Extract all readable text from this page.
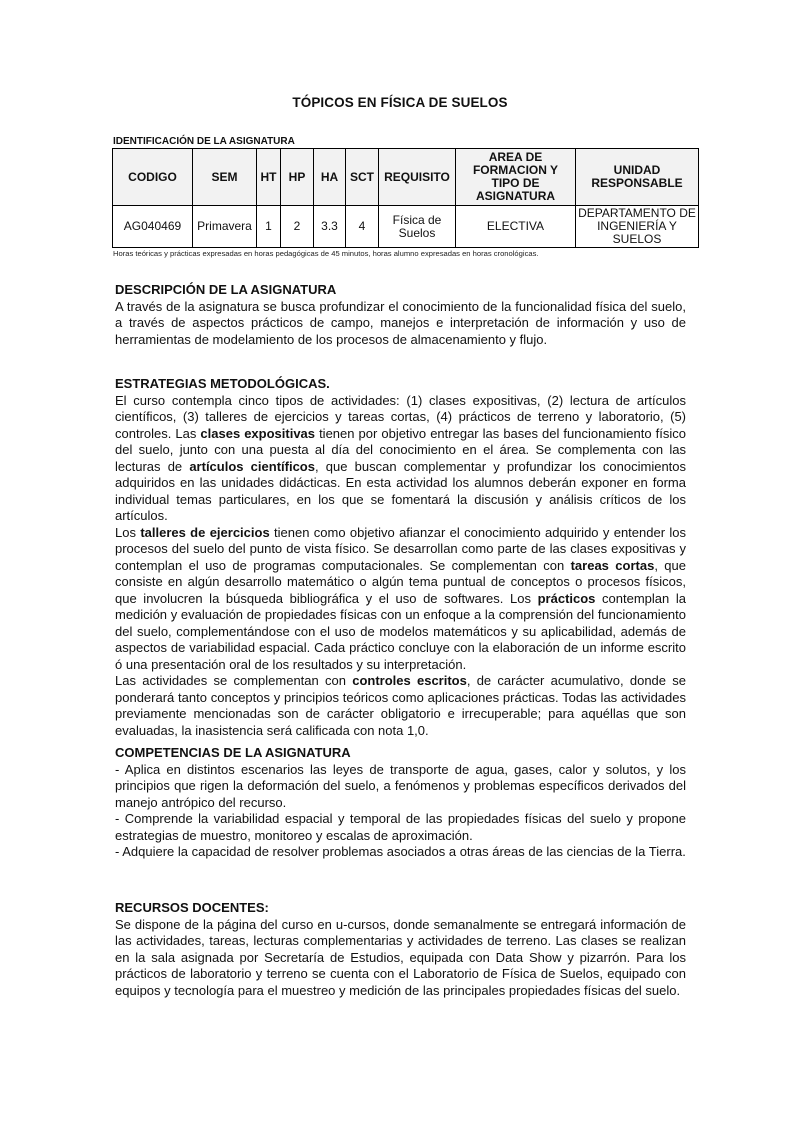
TÓPICOS EN FÍSICA DE SUELOS
IDENTIFICACIÓN DE LA ASIGNATURA
CODIGO	SEM	HT	HP	HA	SCT	REQUISITO	AREA DE FORMACION Y TIPO DE ASIGNATURA	UNIDAD RESPONSABLE
AG040469	Primavera	1	2	3.3	4	Física de Suelos	ELECTIVA	DEPARTAMENTO DE INGENIERÍA Y SUELOS
Horas teóricas y prácticas expresadas en horas pedagógicas de 45 minutos, horas alumno expresadas en horas cronológicas.
DESCRIPCIÓN DE LA ASIGNATURA

A través de la asignatura se busca profundizar el conocimiento de la funcionalidad física del suelo, a través de aspectos prácticos de campo, manejos e interpretación de información y uso de herramientas de modelamiento de los procesos de almacenamiento y flujo.

ESTRATEGIAS METODOLÓGICAS.

El curso contempla cinco tipos de actividades: (1) clases expositivas, (2) lectura de artículos científicos, (3) talleres de ejercicios y tareas cortas, (4) prácticos de terreno y laboratorio, (5) controles. Las clases expositivas tienen por objetivo entregar las bases del funcionamiento físico del suelo, junto con una puesta al día del conocimiento en el área. Se complementa con las lecturas de artículos científicos, que buscan complementar y profundizar los conocimientos adquiridos en las unidades didácticas. En esta actividad los alumnos deberán exponer en forma individual temas particulares, en los que se fomentará la discusión y análisis críticos de los artículos.

Los talleres de ejercicios tienen como objetivo afianzar el conocimiento adquirido y entender los procesos del suelo del punto de vista físico. Se desarrollan como parte de las clases expositivas y contemplan el uso de programas computacionales. Se complementan con tareas cortas, que consiste en algún desarrollo matemático o algún tema puntual de conceptos o procesos físicos, que involucren la búsqueda bibliográfica y el uso de softwares. Los prácticos contemplan la medición y evaluación de propiedades físicas con un enfoque a la comprensión del funcionamiento del suelo, complementándose con el uso de modelos matemáticos y su aplicabilidad, además de aspectos de variabilidad espacial. Cada práctico concluye con la elaboración de un informe escrito ó una presentación oral de los resultados y su interpretación.

Las actividades se complementan con controles escritos, de carácter acumulativo, donde se ponderará tanto conceptos y principios teóricos como aplicaciones prácticas. Todas las actividades previamente mencionadas son de carácter obligatorio e irrecuperable; para aquéllas que son evaluadas, la inasistencia será calificada con nota 1,0.

COMPETENCIAS DE LA ASIGNATURA

- Aplica en distintos escenarios las leyes de transporte de agua, gases, calor y solutos, y los principios que rigen la deformación del suelo, a fenómenos y problemas específicos derivados del manejo antrópico del recurso.

- Comprende la variabilidad espacial y temporal de las propiedades físicas del suelo y propone estrategias de muestro, monitoreo y escalas de aproximación.

- Adquiere la capacidad de resolver problemas asociados a otras áreas de las ciencias de la Tierra.

RECURSOS DOCENTES:

Se dispone de la página del curso en u-cursos, donde semanalmente se entregará información de las actividades, tareas, lecturas complementarias y actividades de terreno. Las clases se realizan en la sala asignada por Secretaría de Estudios, equipada con Data Show y pizarrón. Para los prácticos de laboratorio y terreno se cuenta con el Laboratorio de Física de Suelos, equipado con equipos y tecnología para el muestreo y medición de las principales propiedades físicas del suelo.
